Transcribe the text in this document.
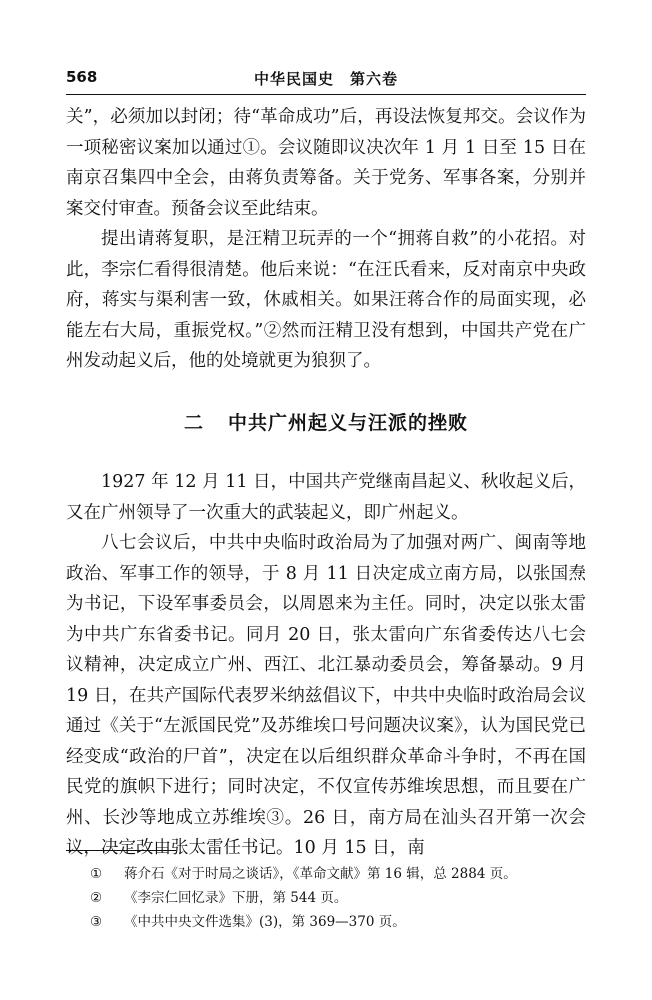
568	中华民国史　第六卷

关”，必须加以封闭；待“革命成功”后，再设法恢复邦交。会议作为一项秘密议案加以通过①。会议随即议决次年 1 月 1 日至 15 日在南京召集四中全会，由蒋负责筹备。关于党务、军事各案，分别并案交付审查。预备会议至此结束。

提出请蒋复职，是汪精卫玩弄的一个“拥蒋自救”的小花招。对此，李宗仁看得很清楚。他后来说：“在汪氏看来，反对南京中央政府，蒋实与渠利害一致，休戚相关。如果汪蒋合作的局面实现，必能左右大局，重振党权。”②然而汪精卫没有想到，中国共产党在广州发动起义后，他的处境就更为狼狈了。

二 中共广州起义与汪派的挫败

1927 年 12 月 11 日，中国共产党继南昌起义、秋收起义后，又在广州领导了一次重大的武装起义，即广州起义。

八七会议后，中共中央临时政治局为了加强对两广、闽南等地政治、军事工作的领导，于 8 月 11 日决定成立南方局，以张国焘为书记，下设军事委员会，以周恩来为主任。同时，决定以张太雷为中共广东省委书记。同月 20 日，张太雷向广东省委传达八七会议精神，决定成立广州、西江、北江暴动委员会，筹备暴动。9 月 19 日，在共产国际代表罗米纳兹倡议下，中共中央临时政治局会议通过《关于“左派国民党”及苏维埃口号问题决议案》，认为国民党已经变成“政治的尸首”，决定在以后组织群众革命斗争时，不再在国民党的旗帜下进行；同时决定，不仅宣传苏维埃思想，而且要在广州、长沙等地成立苏维埃③。26 日，南方局在汕头召开第一次会议，决定改由张太雷任书记。10 月 15 日，南

① 蒋介石《对于时局之谈话》，《革命文献》第 16 辑，总 2884 页。
② 《李宗仁回忆录》下册，第 544 页。
③ 《中共中央文件选集》(3)，第 369—370 页。
